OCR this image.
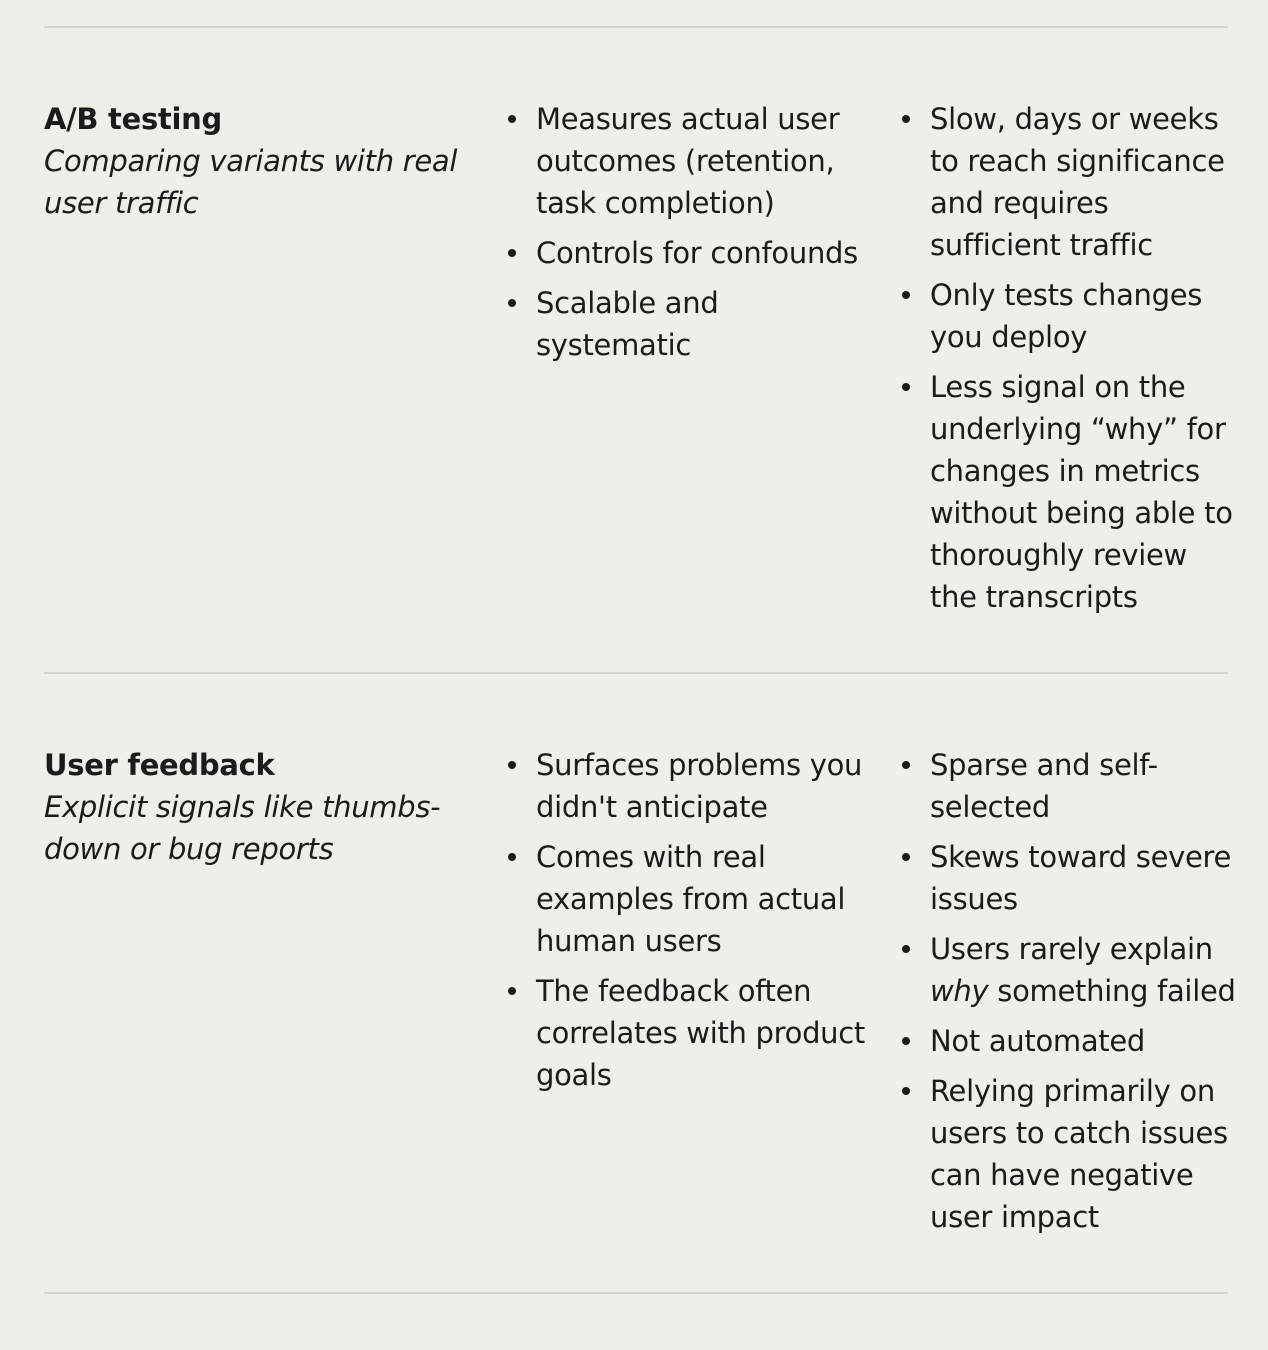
A/B testing

Comparing variants with real user traffic

Measures actual user outcomes (retention, task completion)
Controls for confounds
Scalable and systematic
Slow, days or weeks to reach significance and requires sufficient traffic
Only tests changes you deploy
Less signal on the underlying “why” for changes in metrics without being able to thoroughly review the transcripts

User feedback

Explicit signals like thumbs-down or bug reports

Surfaces problems you didn't anticipate
Comes with real examples from actual human users
The feedback often correlates with product goals
Sparse and self-selected
Skews toward severe issues
Users rarely explain why something failed
Not automated
Relying primarily on users to catch issues can have negative user impact
